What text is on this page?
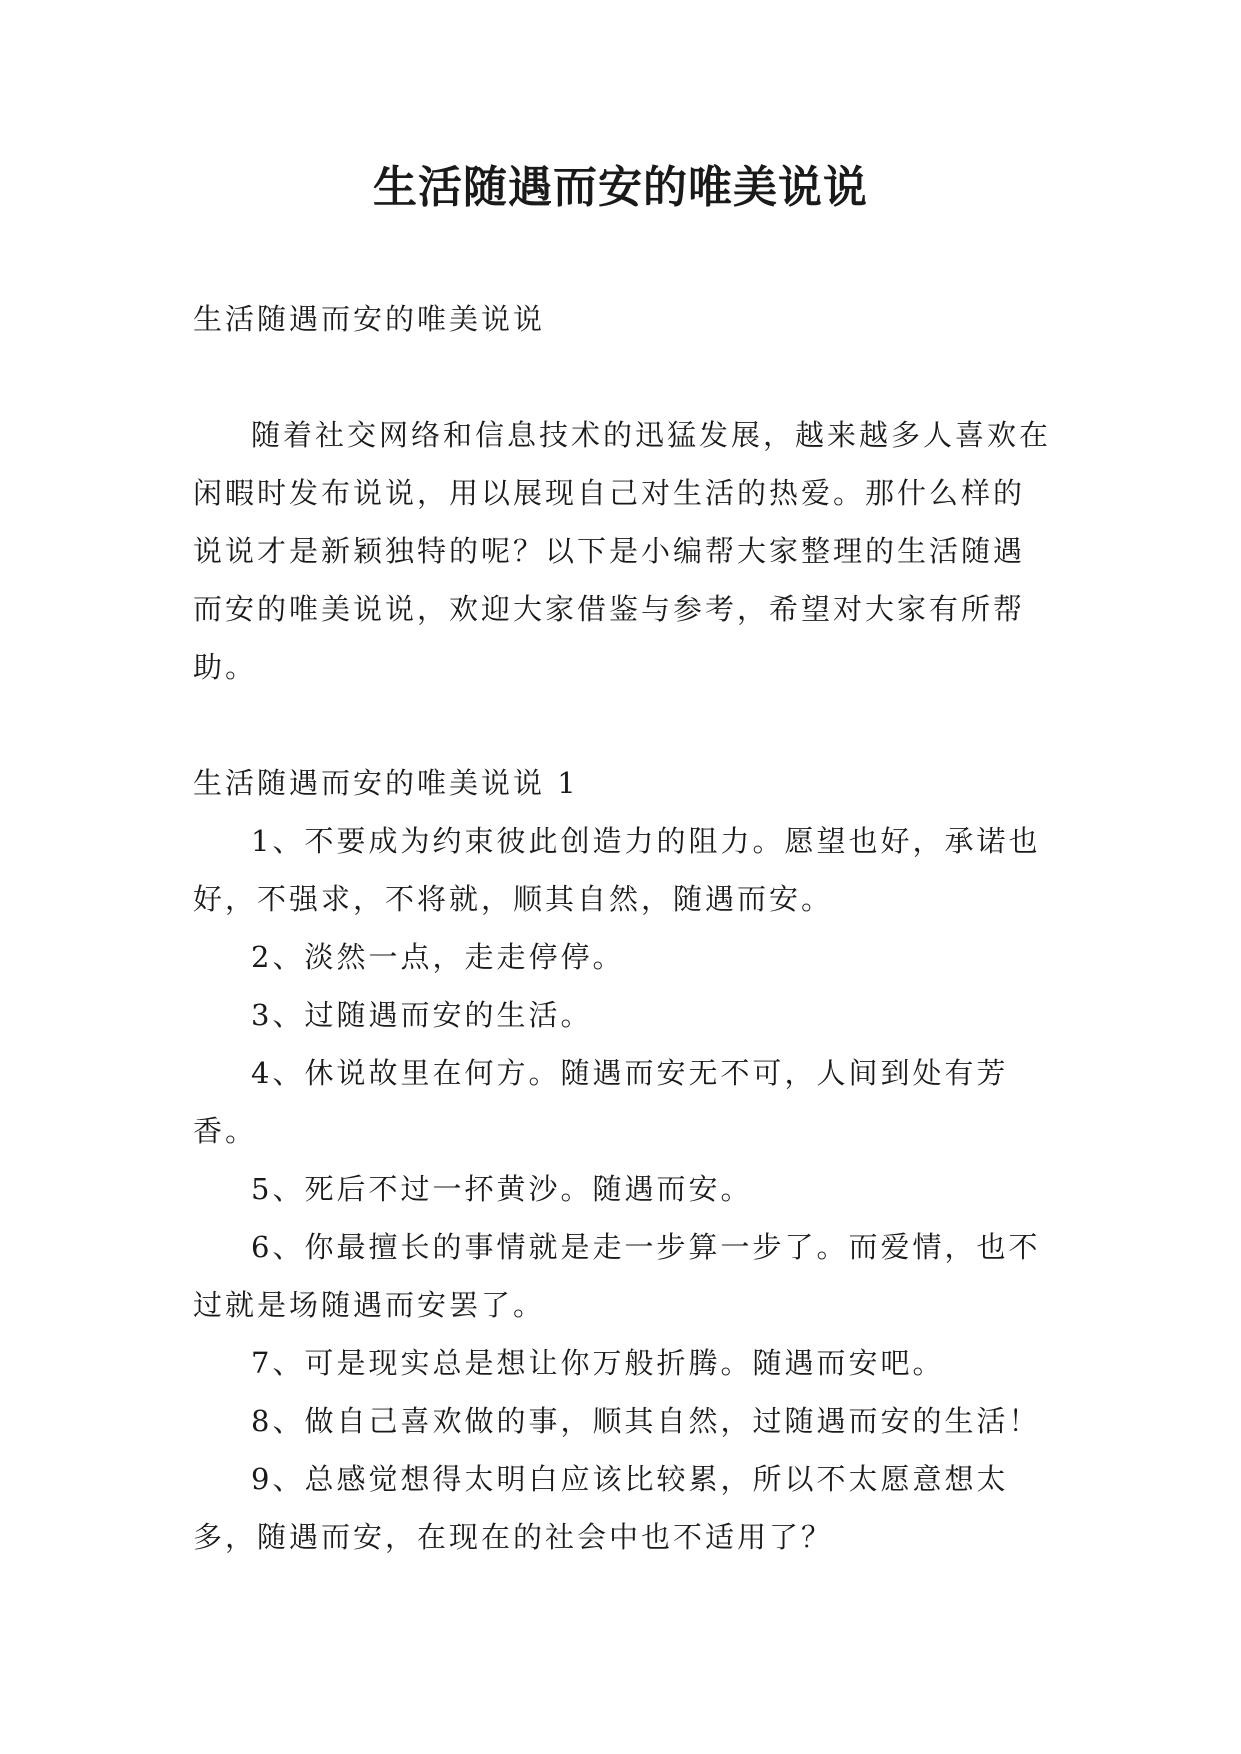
生活随遇而安的唯美说说

生活随遇而安的唯美说说

随着社交网络和信息技术的迅猛发展，越来越多人喜欢在闲暇时发布说说，用以展现自己对生活的热爱。那什么样的说说才是新颖独特的呢？以下是小编帮大家整理的生活随遇而安的唯美说说，欢迎大家借鉴与参考，希望对大家有所帮助。

生活随遇而安的唯美说说 1

1、不要成为约束彼此创造力的阻力。愿望也好，承诺也好，不强求，不将就，顺其自然，随遇而安。

2、淡然一点，走走停停。

3、过随遇而安的生活。

4、休说故里在何方。随遇而安无不可，人间到处有芳香。

5、死后不过一抔黄沙。随遇而安。

6、你最擅长的事情就是走一步算一步了。而爱情，也不过就是场随遇而安罢了。

7、可是现实总是想让你万般折腾。随遇而安吧。

8、做自己喜欢做的事，顺其自然，过随遇而安的生活！

9、总感觉想得太明白应该比较累，所以不太愿意想太多，随遇而安，在现在的社会中也不适用了？
